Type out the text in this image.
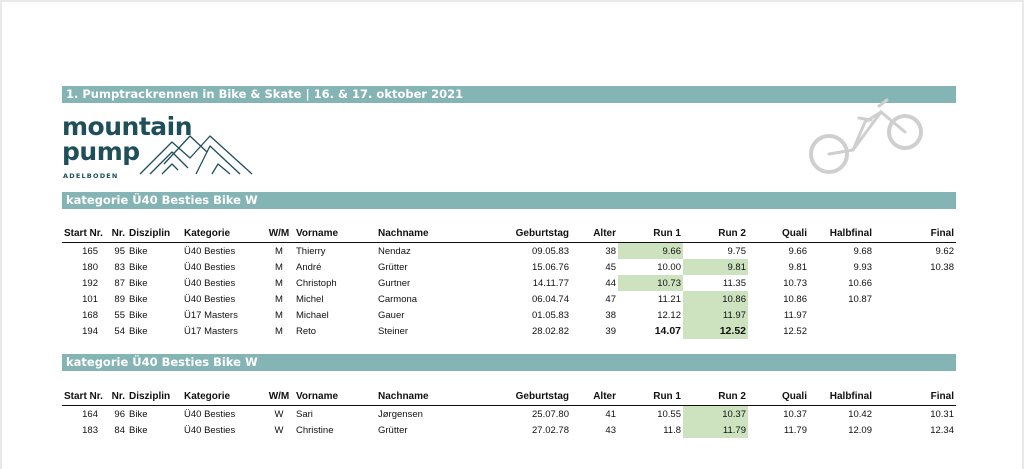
1. Pumptrackrennen in Bike & Skate | 16. & 17. oktober 2021
mountain
pump
ADELBODEN
kategorie Ü40 Besties Bike W
Start Nr.	Nr.	Disziplin	Kategorie	W/M	Vorname	Nachname	Geburtstag	Alter	Run 1	Run 2	Quali	Halbfinal	Final
165	95	Bike	Ü40 Besties	M	Thierry	Nendaz	09.05.83	38	9.66	9.75	9.66	9.68	9.62
180	83	Bike	Ü40 Besties	M	André	Grütter	15.06.76	45	10.00	9.81	9.81	9.93	10.38
192	87	Bike	Ü40 Besties	M	Christoph	Gurtner	14.11.77	44	10.73	11.35	10.73	10.66	
101	89	Bike	Ü40 Besties	M	Michel	Carmona	06.04.74	47	11.21	10.86	10.86	10.87	
168	55	Bike	Ü17 Masters	M	Michael	Gauer	01.05.83	38	12.12	11.97	11.97		
194	54	Bike	Ü17 Masters	M	Reto	Steiner	28.02.82	39	14.07	12.52	12.52		
kategorie Ü40 Besties Bike W
Start Nr.	Nr.	Disziplin	Kategorie	W/M	Vorname	Nachname	Geburtstag	Alter	Run 1	Run 2	Quali	Halbfinal	Final
164	96	Bike	Ü40 Besties	W	Sari	Jørgensen	25.07.80	41	10.55	10.37	10.37	10.42	10.31
183	84	Bike	Ü40 Besties	W	Christine	Grütter	27.02.78	43	11.8	11.79	11.79	12.09	12.34
